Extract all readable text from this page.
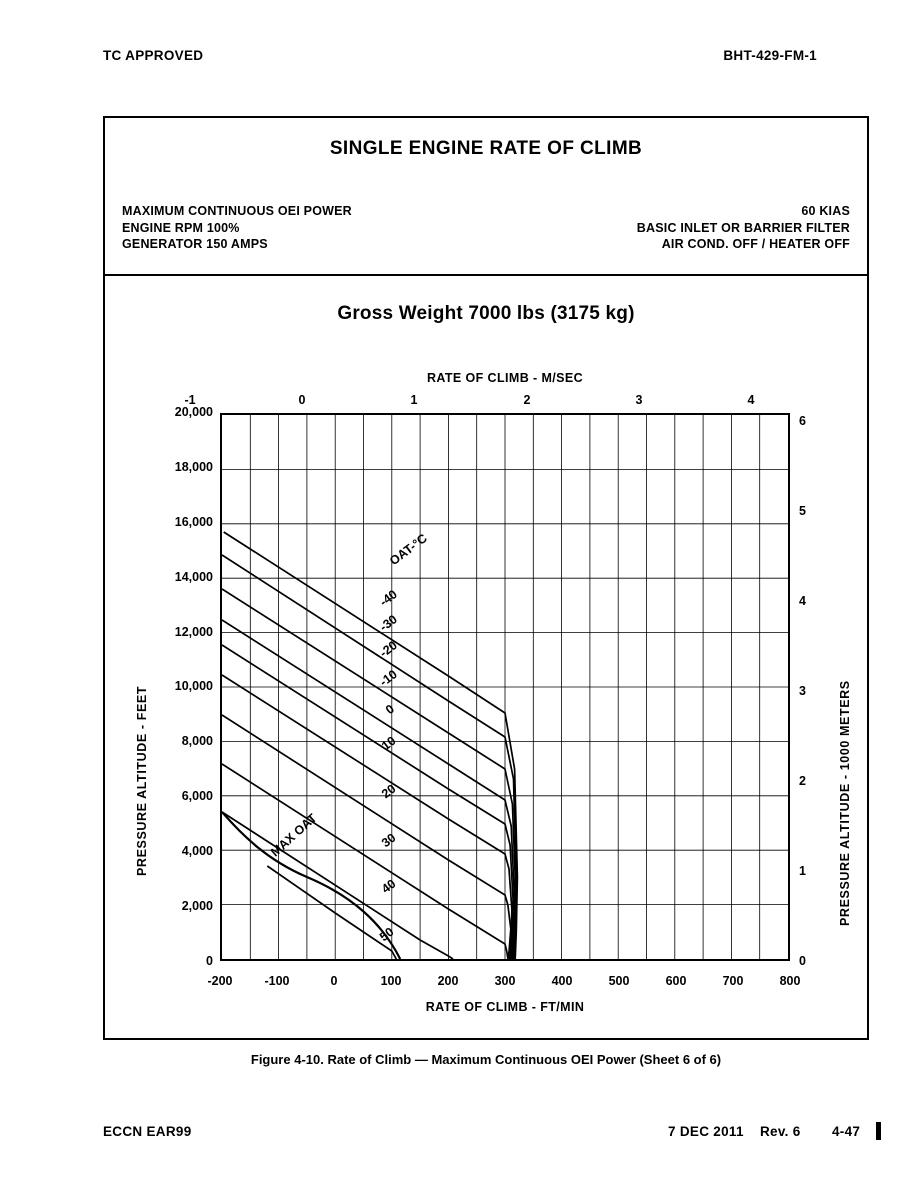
TC APPROVED	BHT-429-FM-1
SINGLE ENGINE RATE OF CLIMB
MAXIMUM CONTINUOUS OEI POWER
ENGINE RPM 100%
GENERATOR 150 AMPS
60 KIAS
BASIC INLET OR BARRIER FILTER
AIR COND. OFF / HEATER OFF
Gross Weight 7000 lbs (3175 kg)
RATE OF CLIMB - M/SEC
RATE OF CLIMB - FT/MIN
-1	0	1	2	3	4
-200	-100	0	100	200	300	400	500	600	700	800
0
2,000
4,000
6,000
8,000
10,000
12,000
14,000
16,000
18,000
20,000
0
1
2
3
4
5
6
PRESSURE ALTITUDE - FEET	PRESSURE ALTITUDE - 1000 METERS
OAT-°C
-40
-30
-20
-10
0
10
20
30
40
50
MAX OAT
Figure 4-10. Rate of Climb — Maximum Continuous OEI Power (Sheet 6 of 6)
ECCN EAR99	7 DEC 2011 Rev. 6 4-47
